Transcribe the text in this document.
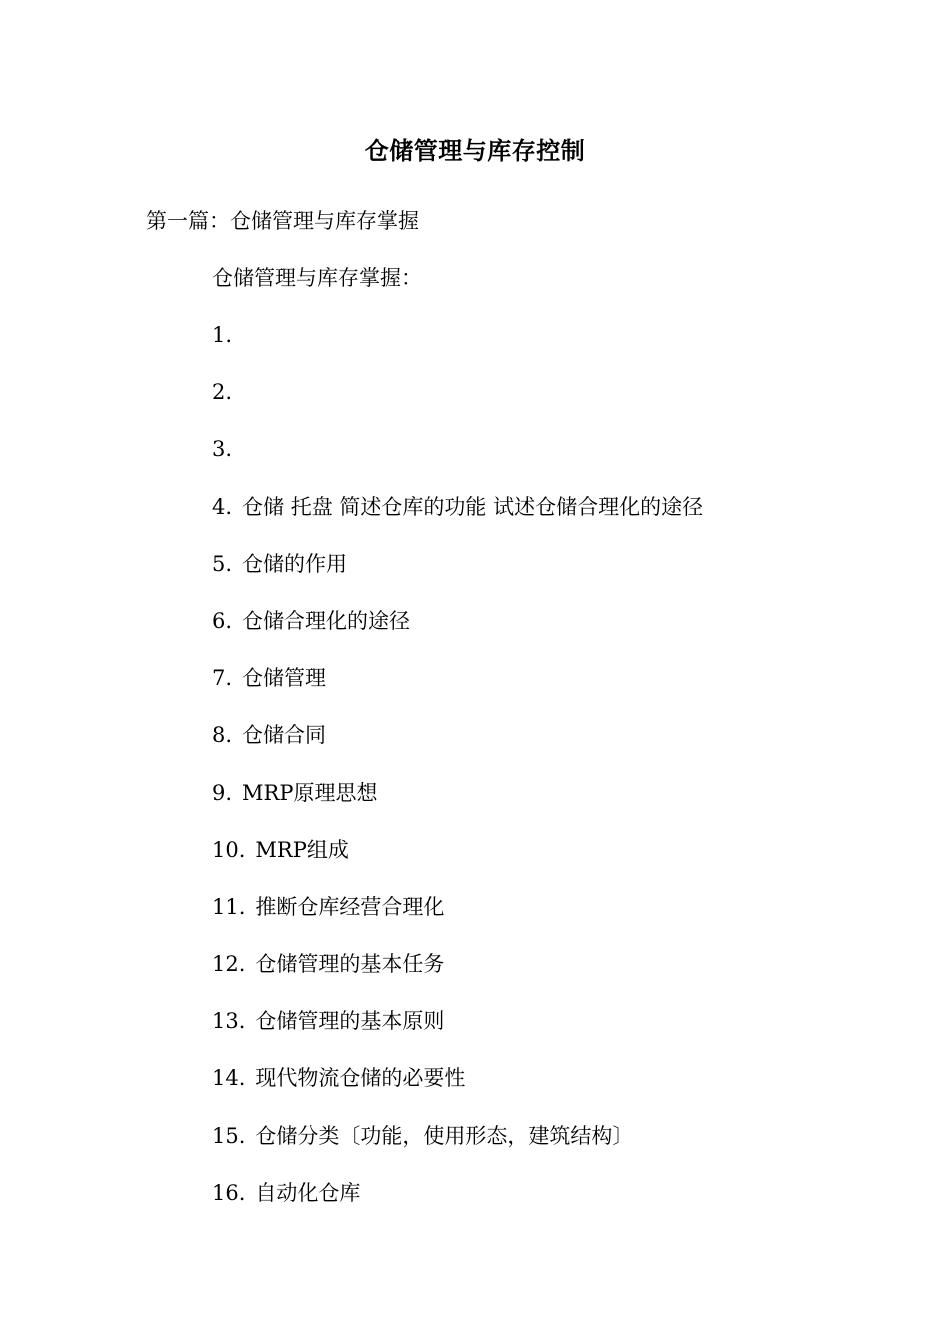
仓储管理与库存控制
第一篇：仓储管理与库存掌握

仓储管理与库存掌握：

1.
2.
3.
4. 仓储 托盘 简述仓库的功能 试述仓储合理化的途径
5. 仓储的作用
6. 仓储合理化的途径
7. 仓储管理
8. 仓储合同
9. MRP原理思想
10. MRP组成
11. 推断仓库经营合理化
12. 仓储管理的基本任务
13. 仓储管理的基本原则
14. 现代物流仓储的必要性
15. 仓储分类〔功能，使用形态，建筑结构〕
16. 自动化仓库
